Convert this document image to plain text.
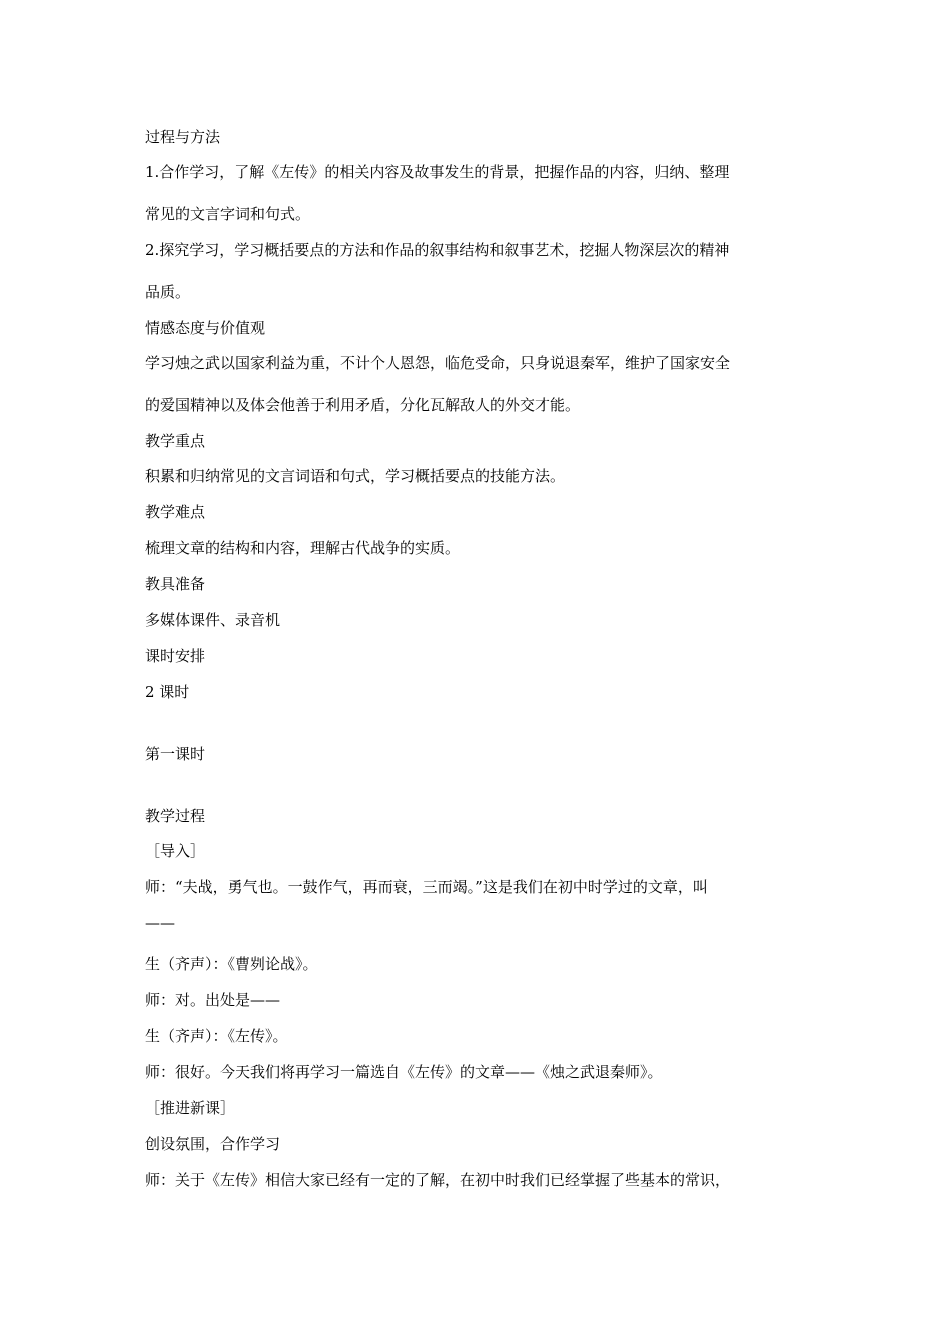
过程与方法
1.合作学习，了解《左传》的相关内容及故事发生的背景，把握作品的内容，归纳、整理
常见的文言字词和句式。
2.探究学习，学习概括要点的方法和作品的叙事结构和叙事艺术，挖掘人物深层次的精神
品质。
情感态度与价值观
学习烛之武以国家利益为重，不计个人恩怨，临危受命，只身说退秦军，维护了国家安全
的爱国精神以及体会他善于利用矛盾，分化瓦解敌人的外交才能。
教学重点
积累和归纳常见的文言词语和句式，学习概括要点的技能方法。
教学难点
梳理文章的结构和内容，理解古代战争的实质。
教具准备
多媒体课件、录音机
课时安排
2 课时
第一课时
教学过程
［导入］
师：“夫战，勇气也。一鼓作气，再而衰，三而竭。”这是我们在初中时学过的文章，叫
——
生（齐声）：《曹刿论战》。
师：对。出处是——
生（齐声）：《左传》。
师：很好。今天我们将再学习一篇选自《左传》的文章——《烛之武退秦师》。
［推进新课］
创设氛围，合作学习
师：关于《左传》相信大家已经有一定的了解，在初中时我们已经掌握了些基本的常识，
